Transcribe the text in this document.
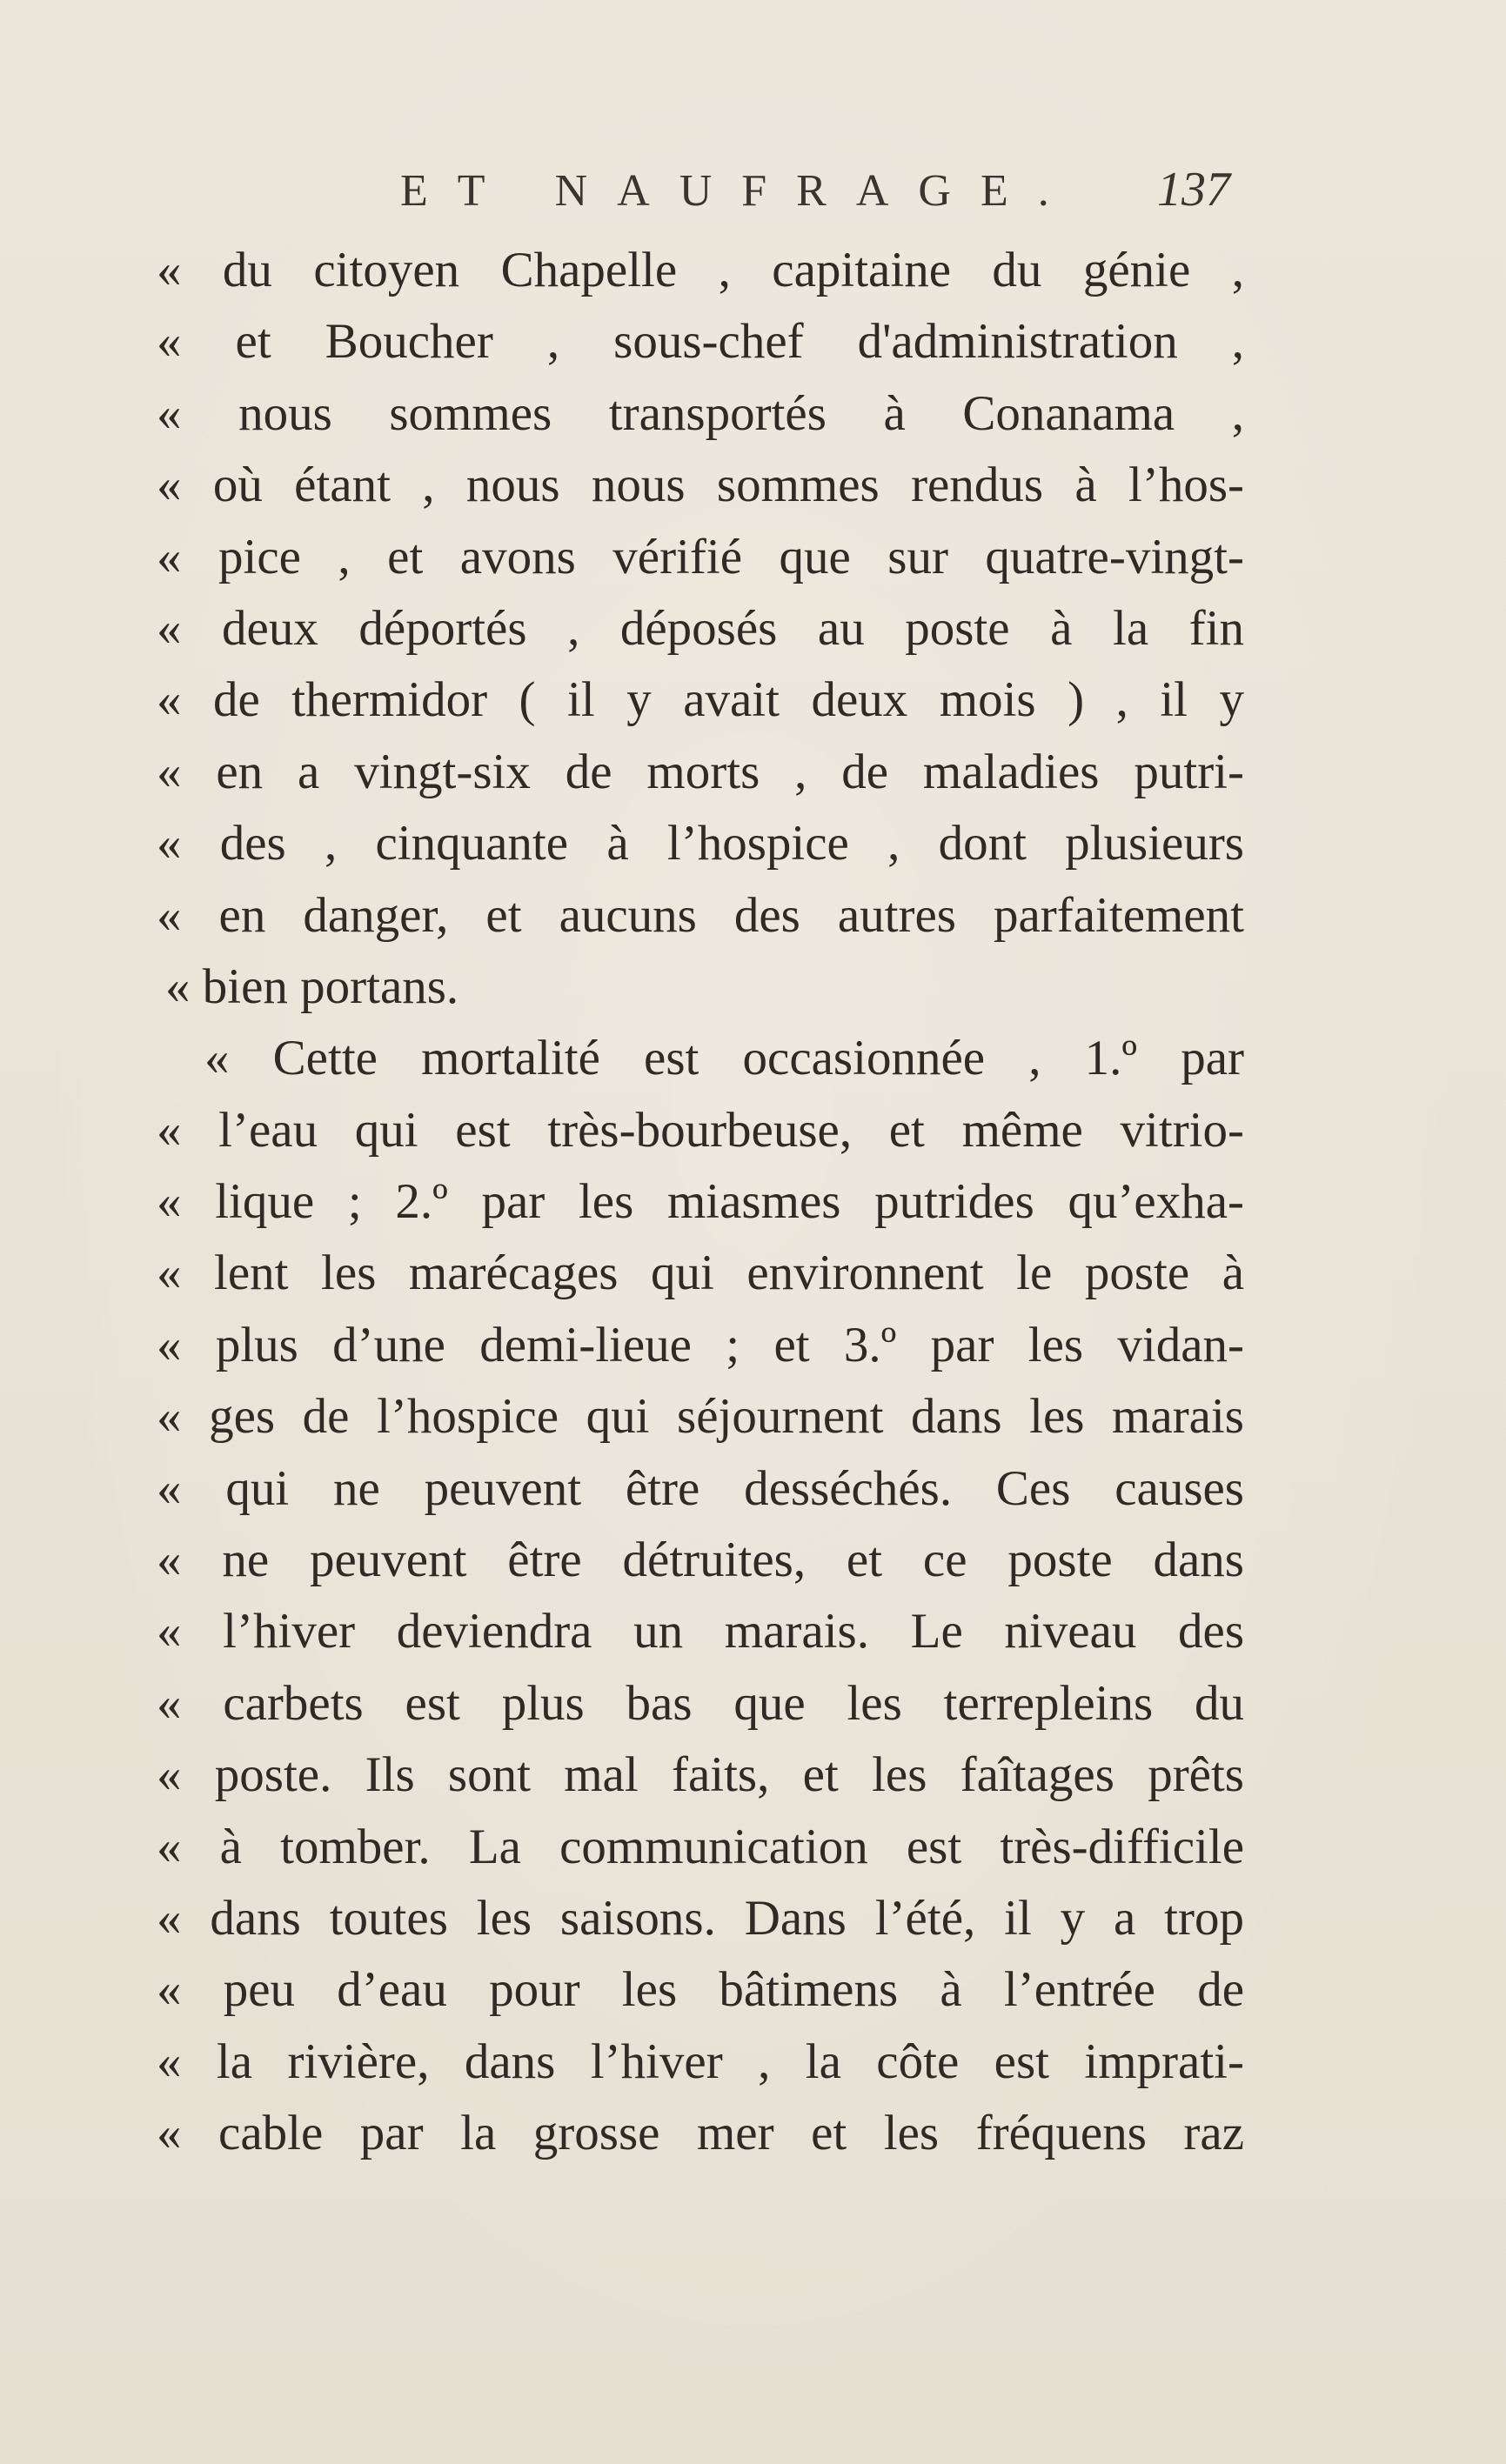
ET NAUFRAGE. 137
« du citoyen Chapelle , capitaine du génie ,
« et Boucher , sous-chef d'administration ,
« nous sommes transportés à Conanama ,
« où étant , nous nous sommes rendus à l’hos-
« pice , et avons vérifié que sur quatre-vingt-
« deux déportés , déposés au poste à la fin
« de thermidor ( il y avait deux mois ) , il y
« en a vingt-six de morts , de maladies putri-
« des , cinquante à l’hospice , dont plusieurs
« en danger, et aucuns des autres parfaitement
« bien portans.
« Cette mortalité est occasionnée , 1.º par
« l’eau qui est très-bourbeuse, et même vitrio-
« lique ; 2.º par les miasmes putrides qu’exha-
« lent les marécages qui environnent le poste à
« plus d’une demi-lieue ; et 3.º par les vidan-
« ges de l’hospice qui séjournent dans les marais
« qui ne peuvent être desséchés. Ces causes
« ne peuvent être détruites, et ce poste dans
« l’hiver deviendra un marais. Le niveau des
« carbets est plus bas que les terrepleins du
« poste. Ils sont mal faits, et les faîtages prêts
« à tomber. La communication est très-difficile
« dans toutes les saisons. Dans l’été, il y a trop
« peu d’eau pour les bâtimens à l’entrée de
« la rivière, dans l’hiver , la côte est imprati-
« cable par la grosse mer et les fréquens raz
